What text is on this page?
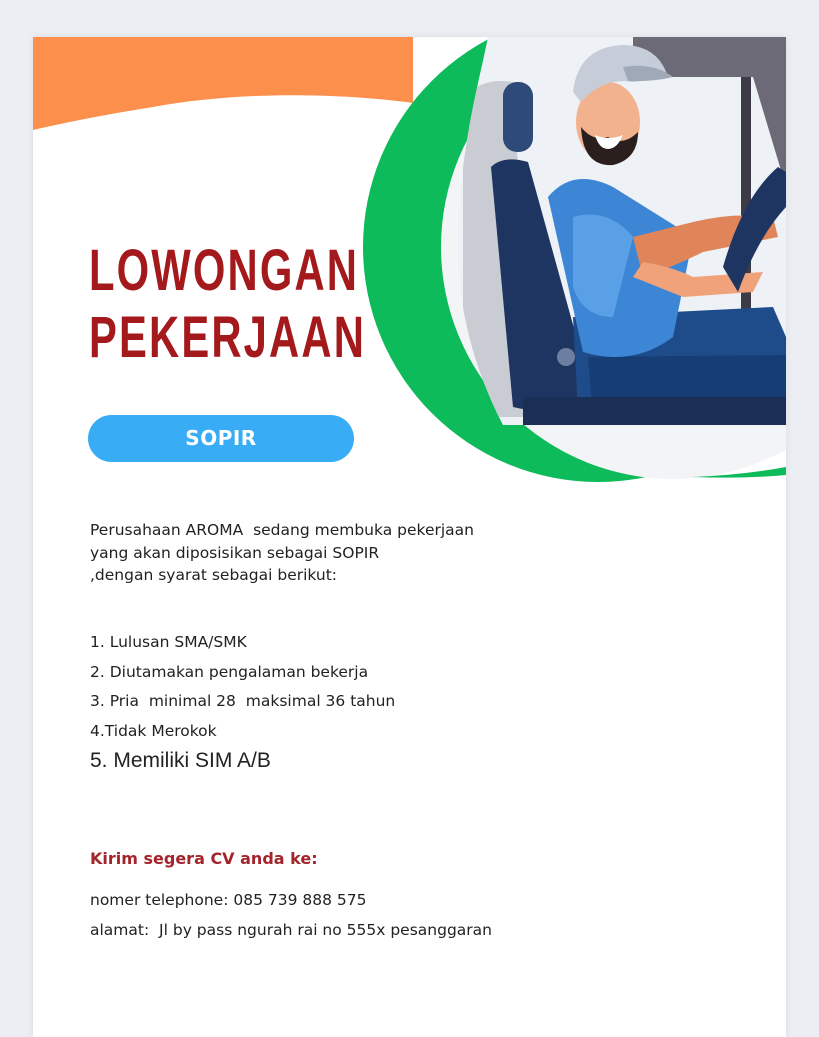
LOWONGAN
PEKERJAAN
SOPIR

Perusahaan AROMA  sedang membuka pekerjaan
yang akan diposisikan sebagai SOPIR
,dengan syarat sebagai berikut:

1. Lulusan SMA/SMK
2. Diutamakan pengalaman bekerja
3. Pria  minimal 28  maksimal 36 tahun
4.Tidak Merokok
5. Memiliki SIM A/B

Kirim segera CV anda ke:

nomer telephone: 085 739 888 575
alamat:  Jl by pass ngurah rai no 555x pesanggaran
